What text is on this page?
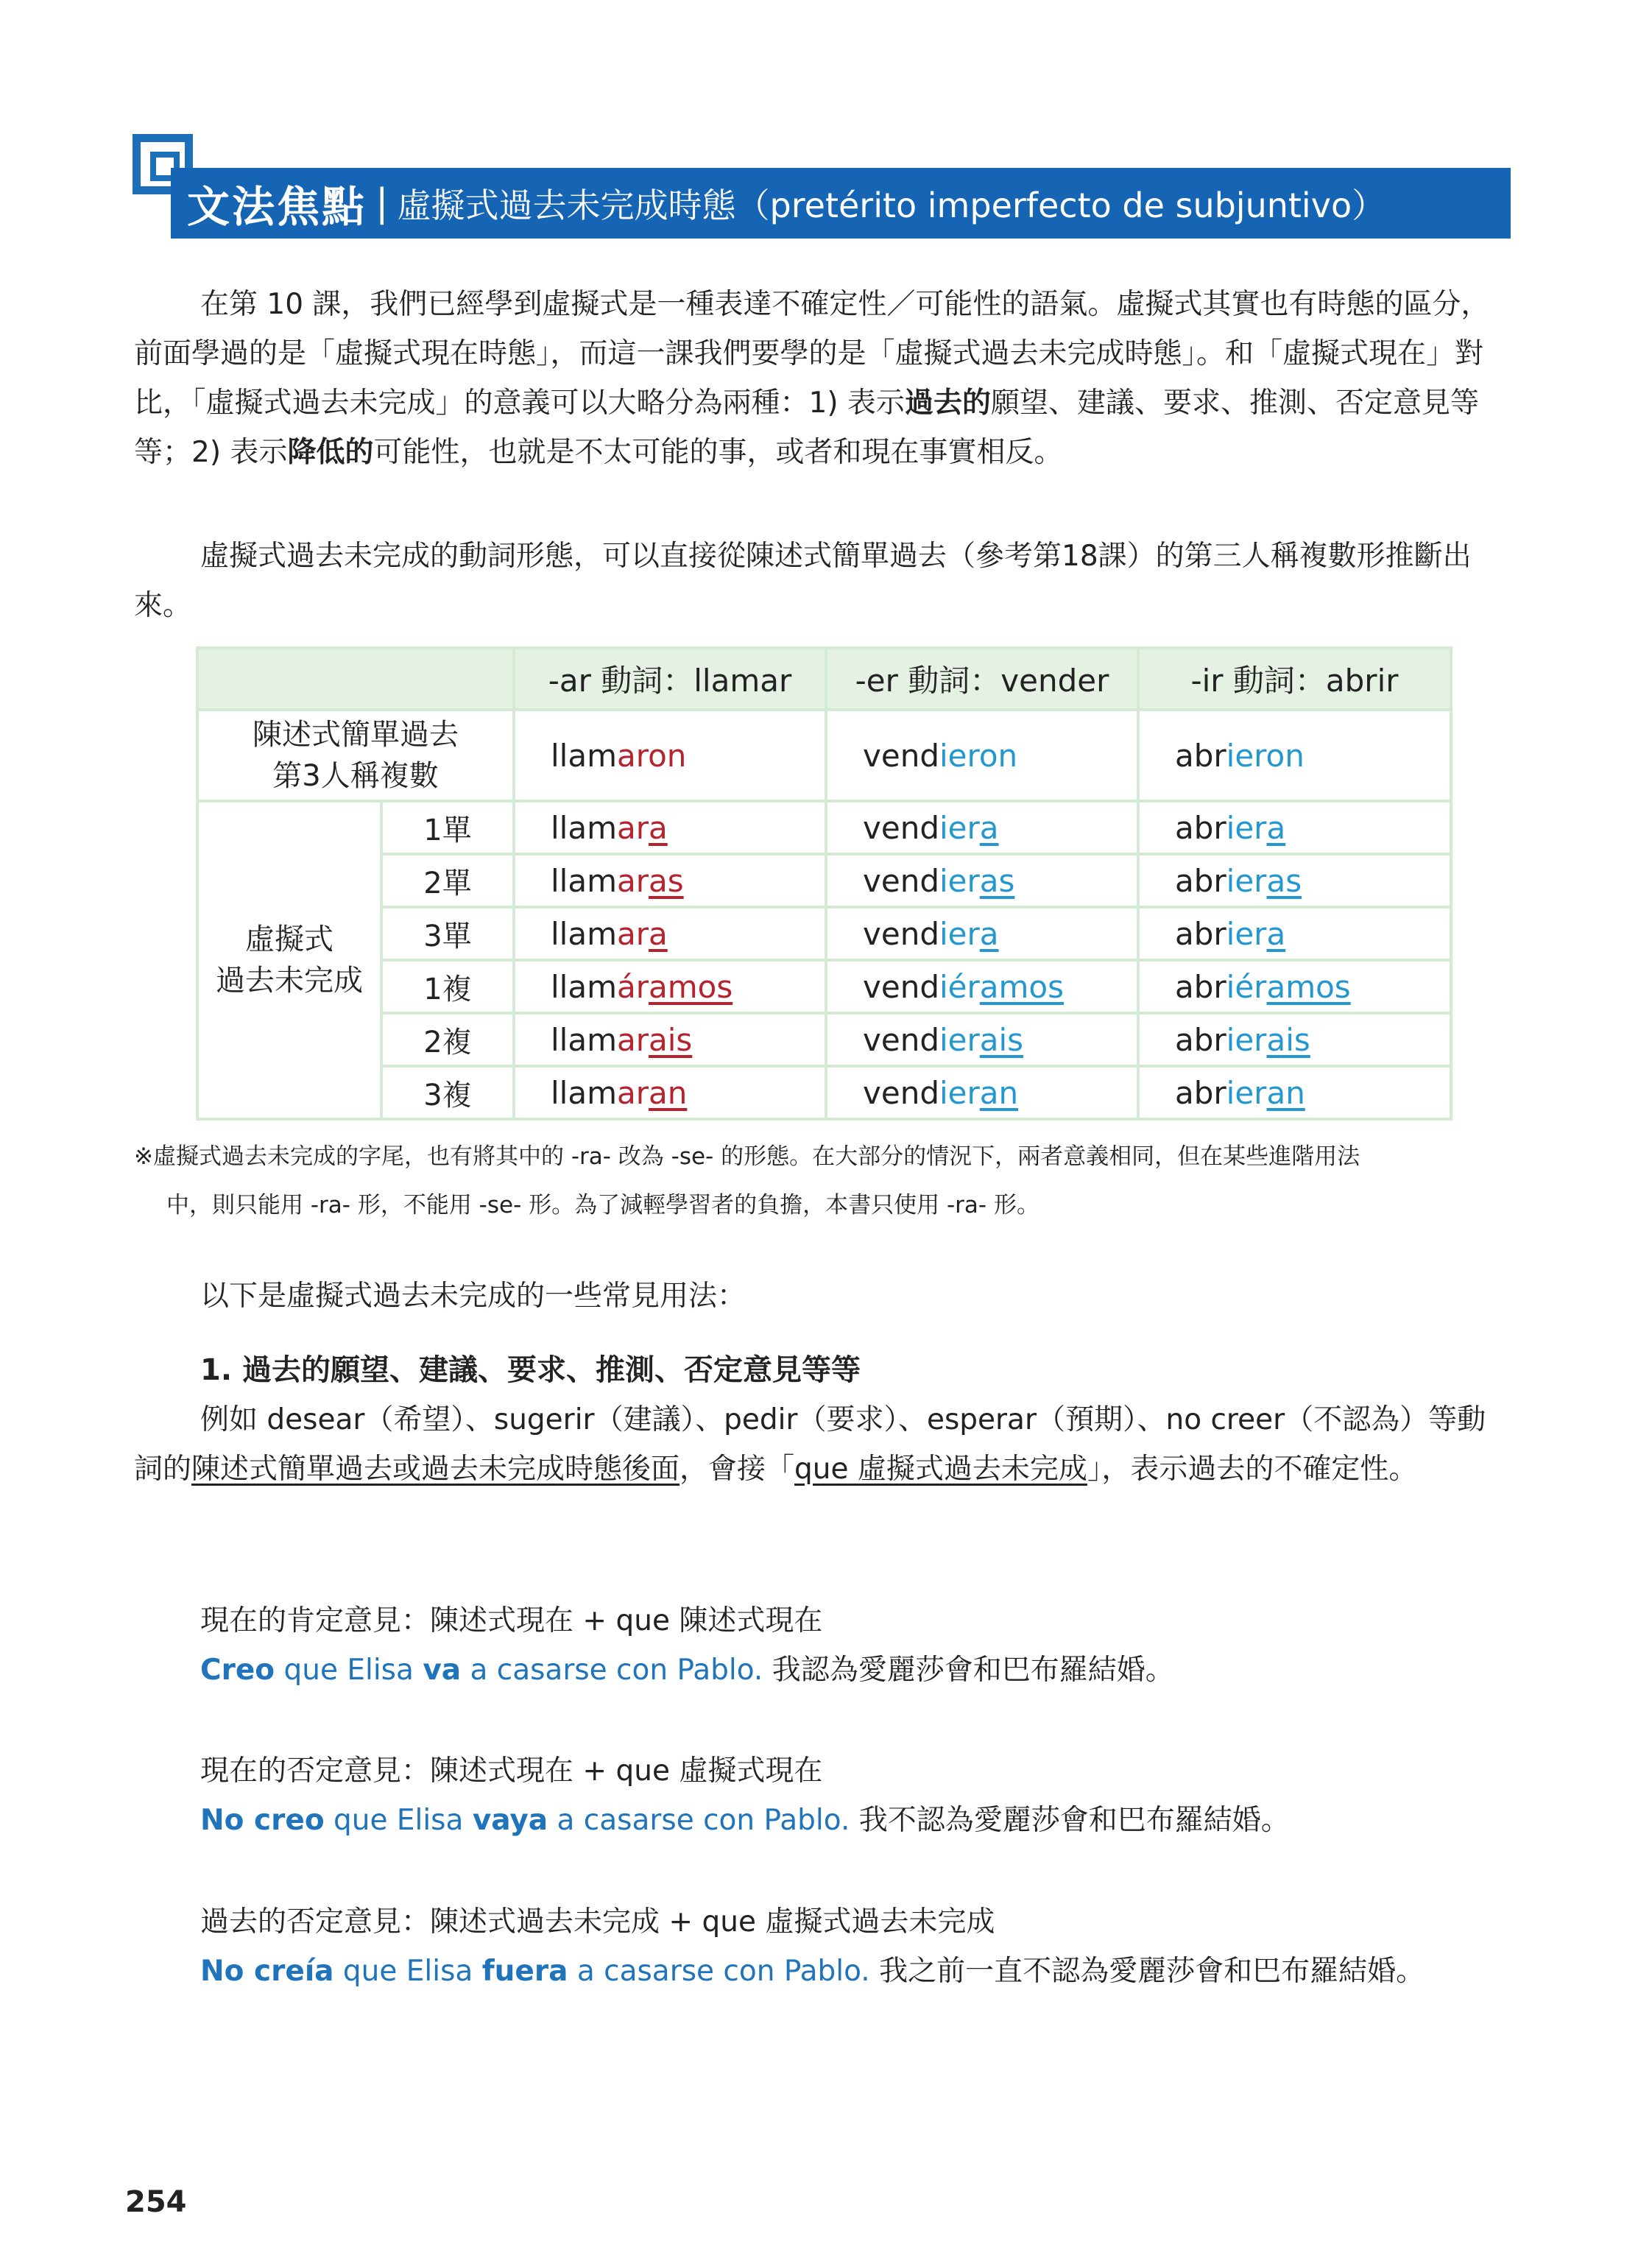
文法焦點 | 虛擬式過去未完成時態（pretérito imperfecto de subjuntivo）

在第 10 課，我們已經學到虛擬式是一種表達不確定性／可能性的語氣。虛擬式其實也有時態的區分，前面學過的是「虛擬式現在時態」，而這一課我們要學的是「虛擬式過去未完成時態」。和「虛擬式現在」對比，「虛擬式過去未完成」的意義可以大略分為兩種：1) 表示過去的願望、建議、要求、推測、否定意見等等；2) 表示降低的可能性，也就是不太可能的事，或者和現在事實相反。

虛擬式過去未完成的動詞形態，可以直接從陳述式簡單過去（參考第18課）的第三人稱複數形推斷出來。

		-ar 動詞：llamar	-er 動詞：vender	-ir 動詞：abrir
陳述式簡單過去
第3人稱複數		llamaron	vendieron	abrieron
虛擬式
過去未完成	1單	llamara	vendiera	abriera
	2單	llamaras	vendieras	abrieras
	3單	llamara	vendiera	abriera
	1複	llamáramos	vendiéramos	abriéramos
	2複	llamarais	vendierais	abrierais
	3複	llamaran	vendieran	abrieran
※虛擬式過去未完成的字尾，也有將其中的 -ra- 改為 -se- 的形態。在大部分的情況下，兩者意義相同，但在某些進階用法
中，則只能用 -ra- 形，不能用 -se- 形。為了減輕學習者的負擔，本書只使用 -ra- 形。

以下是虛擬式過去未完成的一些常見用法：

1. 過去的願望、建議、要求、推測、否定意見等等

例如 desear（希望）、sugerir（建議）、pedir（要求）、esperar（預期）、no creer（不認為）等動詞的陳述式簡單過去或過去未完成時態後面，會接「que 虛擬式過去未完成」，表示過去的不確定性。

現在的肯定意見：陳述式現在 + que 陳述式現在

Creo que Elisa va a casarse con Pablo. 我認為愛麗莎會和巴布羅結婚。

現在的否定意見：陳述式現在 + que 虛擬式現在

No creo que Elisa vaya a casarse con Pablo. 我不認為愛麗莎會和巴布羅結婚。

過去的否定意見：陳述式過去未完成 + que 虛擬式過去未完成

No creía que Elisa fuera a casarse con Pablo. 我之前一直不認為愛麗莎會和巴布羅結婚。

254
